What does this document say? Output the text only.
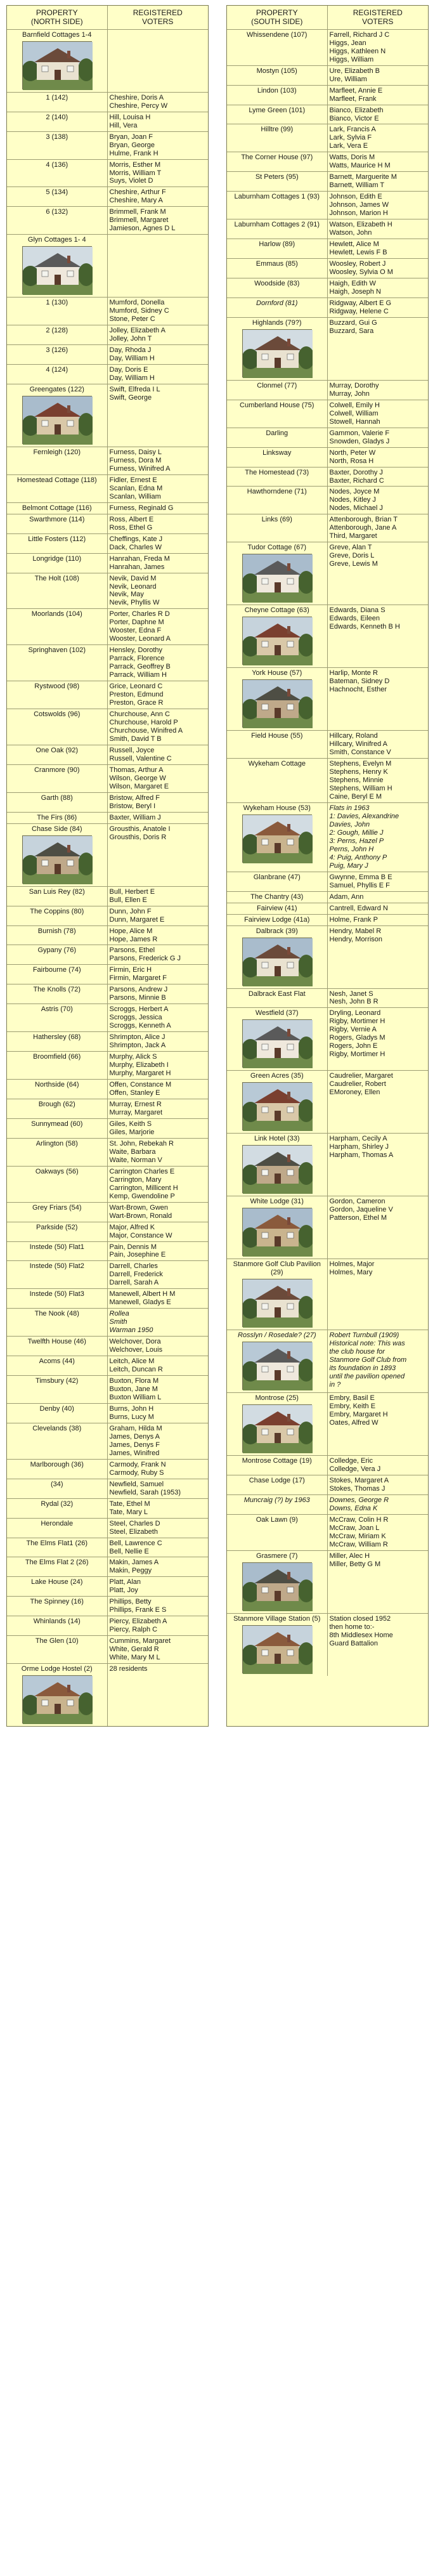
PROPERTY
(NORTH SIDE)
REGISTERED
VOTERS
Barnfield Cottages 1-4
1 (142)	Cheshire, Doris A
Cheshire, Percy W
2 (140)	Hill, Louisa H
Hill, Vera
3 (138)	Bryan, Joan F
Bryan, George
Hulme, Frank H
4 (136)	Morris, Esther M
Morris, William T
Suys, Violet D
5 (134)	Cheshire, Arthur F
Cheshire, Mary A
6 (132)	Brimmell, Frank M
Brimmell, Margaret
Jamieson, Agnes D L
Glyn Cottages 1- 4
1 (130)	Mumford, Donella
Mumford, Sidney C
Stone, Peter C
2 (128)	Jolley, Elizabeth A
Jolley, John T
3 (126)	Day, Rhoda J
Day, William H
4 (124)	Day, Doris E
Day, William H
Greengates (122)	Swift, Elfreda I L
Swift, George
Fernleigh (120)	Furness, Daisy L
Furness, Dora M
Furness, Winifred A
Homestead Cottage (118)	Fidler, Ernest E
Scanlan, Edna M
Scanlan, William
Belmont Cottage (116)	Furness, Reginald G
Swarthmore (114)	Ross, Albert E
Ross, Ethel G
Little Fosters (112)	Cheffings, Kate J
Dack, Charles W
Longridge (110)	Hanrahan, Freda M
Hanrahan, James
The Holt (108)	Nevik, David M
Nevik, Leonard
Nevik, May
Nevik, Phyllis W
Moorlands (104)	Porter, Charles R D
Porter, Daphne M
Wooster, Edna F
Wooster, Leonard A
Springhaven (102)	Hensley, Dorothy
Parrack, Florence
Parrack, Geoffrey B
Parrack, William H
Rystwood (98)	Grice, Leonard C
Preston, Edmund
Preston, Grace R
Cotswolds (96)	Churchouse, Ann C
Churchouse, Harold P
Churchouse, Winifred A
Smith, David T B
One Oak (92)	Russell, Joyce
Russell, Valentine C
Cranmore (90)	Thomas, Arthur A
Wilson, George W
Wilson, Margaret E
Garth (88)	Bristow, Alfred F
Bristow, Beryl I
The Firs (86)	Baxter, William J
Chase Side (84)	Grousthis, Anatole I
Grousthis, Doris R
San Luis Rey (82)	Bull, Herbert E
Bull, Ellen E
The Coppins (80)	Dunn, John F
Dunn, Margaret E
Burnish (78)	Hope, Alice M
Hope, James R
Gypany (76)	Parsons, Ethel
Parsons, Frederick G J
Fairbourne (74)	Firmin, Eric H
Firmin, Margaret F
The Knolls (72)	Parsons, Andrew J
Parsons, Minnie B
Astris (70)	Scroggs, Herbert A
Scroggs, Jessica
Scroggs, Kenneth A
Hathersley (68)	Shrimpton, Alice J
Shrimpton, Jack A
Broomfield (66)	Murphy, Alick S
Murphy, Elizabeth I
Murphy, Margaret H
Northside (64)	Offen, Constance M
Offen, Stanley E
Brough (62)	Murray, Ernest R
Murray, Margaret
Sunnymead (60)	Giles, Keith S
Giles, Marjorie
Arlington (58)	St. John, Rebekah R
Waite, Barbara
Waite, Norman V
Oakways (56)	Carrington Charles E
Carrington, Mary
Carrington, Millicent H
Kemp, Gwendoline P
Grey Friars (54)	Wart-Brown, Gwen
Wart-Brown, Ronald
Parkside (52)	Major, Alfred K
Major, Constance W
Instede (50) Flat1	Pain, Dennis M
Pain, Josephine E
Instede (50) Flat2	Darrell, Charles
Darrell, Frederick
Darrell, Sarah A
Instede (50) Flat3	Manewell, Albert H M
Manewell, Gladys E
The Nook (48)	Rollea
Smith
Warman 1950
Twelfth House (46)	Welchover, Dora
Welchover, Louis
Acoms (44)	Leitch, Alice M
Leitch, Duncan R
Timsbury (42)	Buxton, Flora M
Buxton, Jane M
Buxton William L
Denby (40)	Burns, John H
Burns, Lucy M
Clevelands (38)	Graham, Hilda M
James, Denys A
James, Denys F
James, Winifred
Marlborough (36)	Carmody, Frank N
Carmody, Ruby S
(34)	Newfield, Samuel
Newfield, Sarah (1953)
Rydal (32)	Tate, Ethel M
Tate, Mary L
Herondale	Steel, Charles D
Steel, Elizabeth
The Elms Flat1 (26)	Bell, Lawrence C
Bell, Nellie E
The Elms Flat 2 (26)	Makin, James A
Makin, Peggy
Lake House (24)	Platt, Alan
Platt, Joy
The Spinney (16)	Phillips, Betty
Phillips, Frank E S
Whinlands (14)	Piercy, Elizabeth A
Piercy, Ralph C
The Glen (10)	Cummins, Margaret
White, Gerald R
White, Mary M L
Orme Lodge Hostel (2)	28 residents
PROPERTY
(SOUTH SIDE)
REGISTERED
VOTERS
Whissendene (107)	Farrell, Richard J C
Higgs, Jean
Higgs, Kathleen N
Higgs, William
Mostyn (105)	Ure, Elizabeth B
Ure, William
Lindon (103)	Marfleet, Annie E
Marfleet, Frank
Lyme Green (101)	Bianco, Elizabeth
Bianco, Victor E
Hilltre (99)	Lark, Francis A
Lark, Sylvia F
Lark, Vera E
The Corner House (97)	Watts, Doris M
Watts, Maurice H M
St Peters (95)	Barnett, Marguerite M
Barnett, William T
Laburnham Cottages 1 (93)	Johnson, Edith E
Johnson, James W
Johnson, Marion H
Laburnham Cottages 2 (91)	Watson, Elizabeth H
Watson, John
Harlow (89)	Hewlett, Alice M
Hewlett, Lewis F B
Emmaus (85)	Woosley, Robert J
Woosley, Sylvia O M
Woodside (83)	Haigh, Edith W
Haigh, Joseph N
Dornford (81)	Ridgway, Albert E G
Ridgway, Helene C
Highlands (79?)	Buzzard, Gui G
Buzzard, Sara
Clonmel (77)	Murray, Dorothy
Murray, John
Cumberland House (75)	Colwell, Emily H
Colwell, William
Stowell, Hannah
Darling	Gammon, Valerie F
Snowden, Gladys J
Linksway	North, Peter W
North, Rosa H
The Homestead (73)	Baxter, Dorothy J
Baxter, Richard C
Hawthorndene (71)	Nodes, Joyce M
Nodes, Kitley J
Nodes, Michael J
Links (69)	Attenborough, Brian T
Attenborough, Jane A
Third, Margaret
Tudor Cottage (67)	Greve, Alan T
Greve, Doris L
Greve, Lewis M
Cheyne Cottage (63)	Edwards, Diana S
Edwards, Eileen
Edwards, Kenneth B H
York House (57)	Harlip, Monte R
Bateman, Sidney D
Hachnocht, Esther
Field House (55)	Hillcary, Roland
Hillcary, Winifred A
Smith, Constance V
Wykeham Cottage	Stephens, Evelyn M
Stephens, Henry K
Stephens, Minnie
Stephens, William H
Caine, Beryl E M
Wykeham House (53)	Flats in 1963
1: Davies, Alexandrine
Davies, John
2: Gough, Millie J
3: Perns, Hazel P
Perns, John H
4: Puig, Anthony P
Puig, Mary J
Glanbrane (47)	Gwynne, Emma B E
Samuel, Phyllis E F
The Chantry (43)	Adam, Ann
Fairview (41)	Cantrell, Edward N
Fairview Lodge (41a)	Holme, Frank P
Dalbrack (39)	Hendry, Mabel R
Hendry, Morrison
Dalbrack East Flat	Nesh, Janet S
Nesh, John B R
Westfield (37)	Dryling, Leonard
Rigby, Mortimer H
Rigby, Vernie A
Rogers, Gladys M
Rogers, John E
Rigby, Mortimer H
Green Acres (35)	Caudrelier, Margaret
Caudrelier, Robert
EMoroney, Ellen
Link Hotel (33)	Harpham, Cecily A
Harpham, Shirley J
Harpham, Thomas A
White Lodge (31)	Gordon, Cameron
Gordon, Jaqueline V
Patterson, Ethel M
Stanmore Golf Club Pavilion (29)
Holmes, Major
Holmes, Mary
Rosslyn / Rosedale? (27)	Robert Turnbull (1909)
Historical note: This was
the club house for
Stanmore Golf Club from
its foundation in 1893
until the pavilion opened
in ?
Montrose (25)	Embry, Basil E
Embry, Keith E
Embry, Margaret H
Oates, Alfred W
Montrose Cottage (19)	Colledge, Eric
Colledge, Vera J
Chase Lodge (17)	Stokes, Margaret A
Stokes, Thomas J
Muncraig (?) by 1963	Downes, George R
Downs, Edna K
Oak Lawn (9)	McCraw, Colin H R
McCraw, Joan L
McCraw, Miriam K
McCraw, William R
Grasmere (7)	Miller, Alec H
Miller, Betty G M
Stanmore Village Station (5)	Station closed 1952
then home to:-
8th Middlesex Home
Guard Battalion
